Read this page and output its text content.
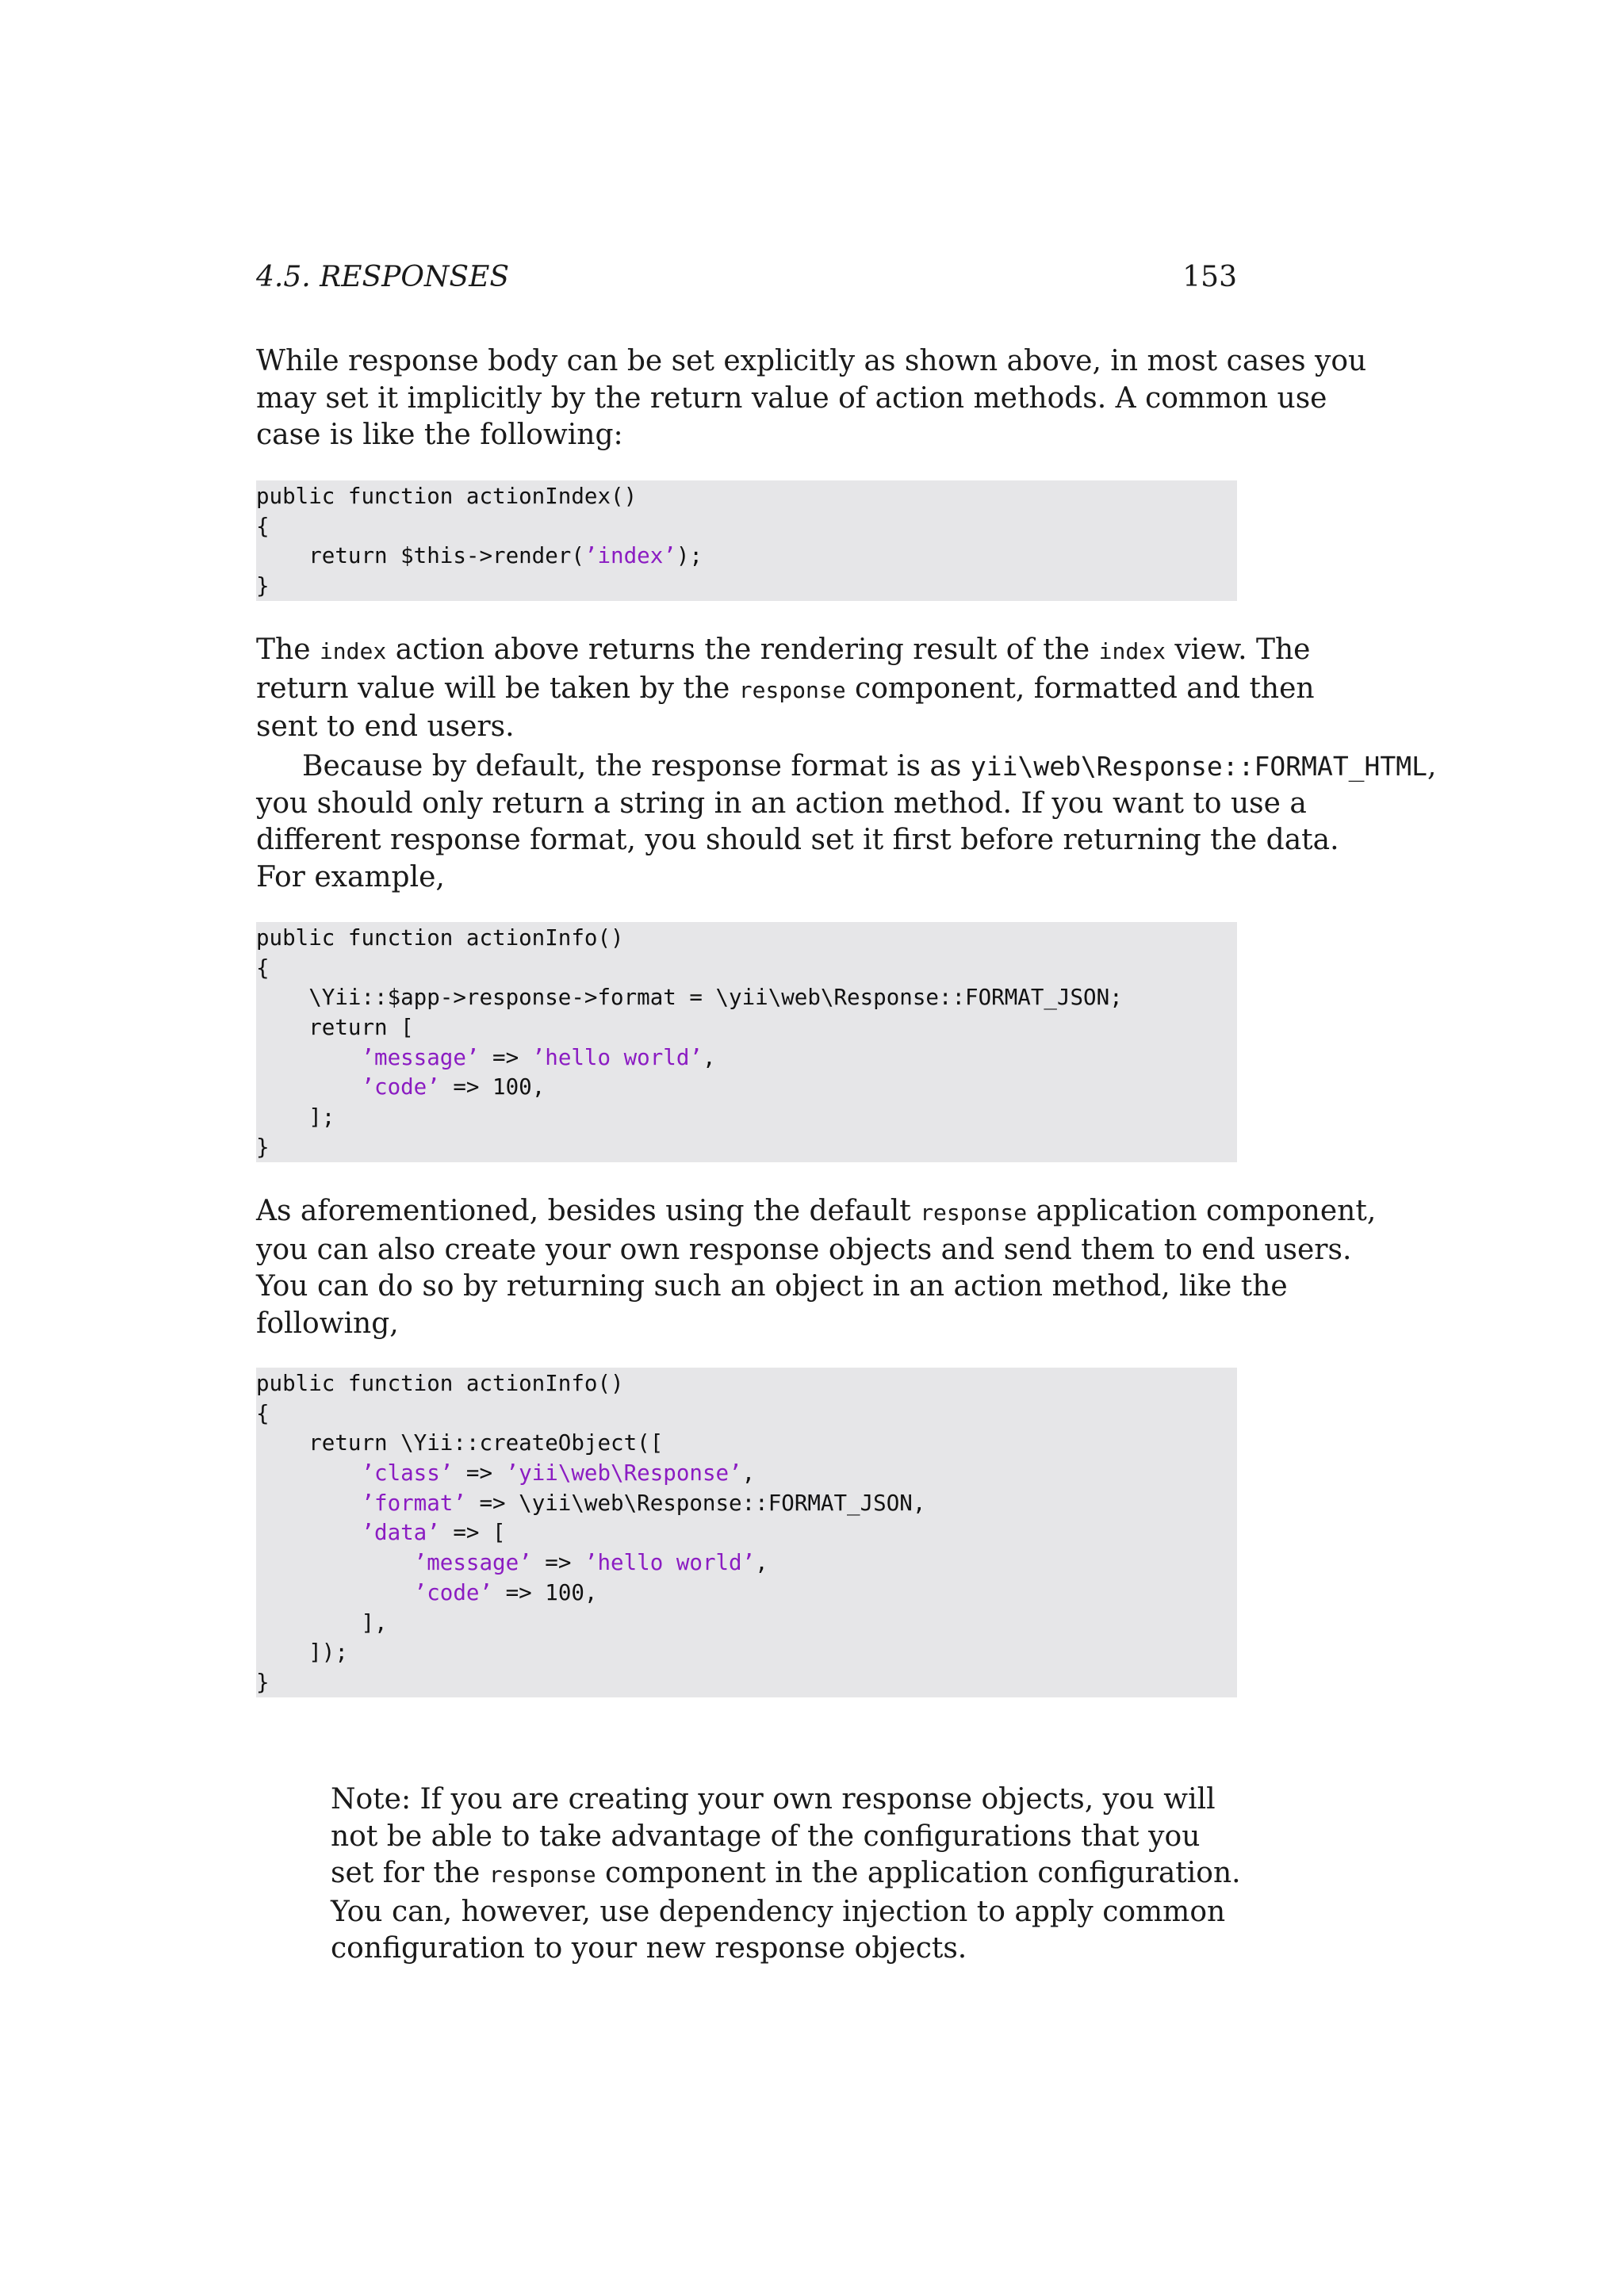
4.5. RESPONSES	153
While response body can be set explicitly as shown above, in most cases you
may set it implicitly by the return value of action methods. A common use
case is like the following:
public function actionIndex()
{
return $this->render(’index’);
}
The index action above returns the rendering result of the index view. The
return value will be taken by the response component, formatted and then
sent to end users.
Because by default, the response format is as yii\web\Response::FORMAT_HTML,
you should only return a string in an action method. If you want to use a
different response format, you should set it first before returning the data.
For example,
public function actionInfo()
{
\Yii::$app->response->format = \yii\web\Response::FORMAT_JSON;
return [
’message’ => ’hello world’,
’code’ => 100,
];
}
As aforementioned, besides using the default response application component,
you can also create your own response objects and send them to end users.
You can do so by returning such an object in an action method, like the
following,
public function actionInfo()
{
return \Yii::createObject([
’class’ => ’yii\web\Response’,
’format’ => \yii\web\Response::FORMAT_JSON,
’data’ => [
’message’ => ’hello world’,
’code’ => 100,
],
]);
}
Note: If you are creating your own response objects, you will
not be able to take advantage of the configurations that you
set for the response component in the application configuration.
You can, however, use dependency injection to apply common
configuration to your new response objects.
